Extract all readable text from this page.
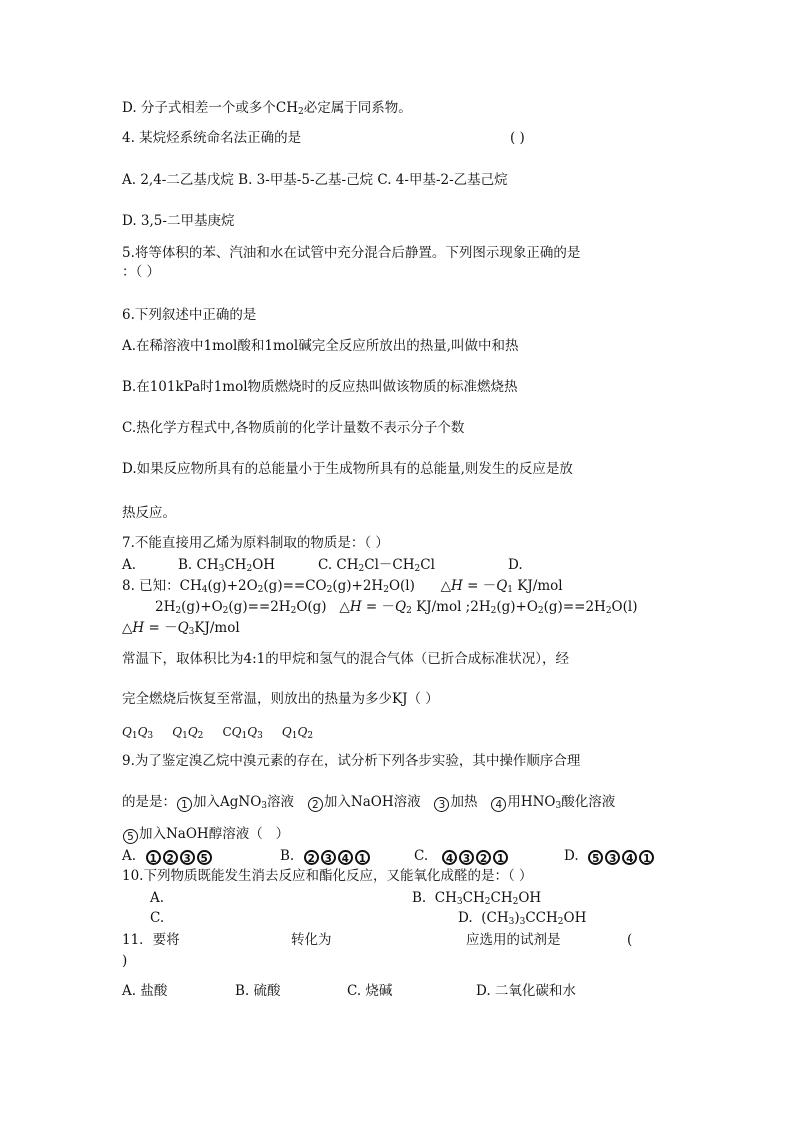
D. 分子式相差一个或多个$CH_2$必定属于同系物。
4. 某烷烃系统命名法正确的是	( )
A. 2,4-二乙基戊烷 B. 3-甲基-5-乙基-己烷 C. 4-甲基-2-乙基己烷
D. 3,5-二甲基庚烷
5.将等体积的苯、汽油和水在试管中充分混合后静置。下列图示现象正确的是
：（ ）
6.下列叙述中正确的是
A.在稀溶液中1mol酸和1mol碱完全反应所放出的热量,叫做中和热
B.在101kPa时1mol物质燃烧时的反应热叫做该物质的标准燃烧热
C.热化学方程式中,各物质前的化学计量数不表示分子个数
D.如果反应物所具有的总能量小于生成物所具有的总能量,则发生的反应是放
热反应。
7.不能直接用乙烯为原料制取的物质是：（ ）
A.	B. $CH_3CH_2OH$	C. $CH_2Cl-CH_2Cl$	D.
8. 已知：$CH_4(g)+2O_2(g)==CO_2(g)+2H_2O(l)$      △H = $-Q_1$ KJ/mol
$2H_2(g)+O_2(g)==2H_2O(g)$   △H = $-Q_2$ KJ/mol $;2H_2(g)+O_2(g)==2H_2O(l)$
△H = $-Q_3KJ$/mol
常温下，取体积比为4:1的甲烷和氢气的混合气体（已折合成标准状况），经
完全燃烧后恢复至常温，则放出的热量为多少KJ（ ）
$Q_1Q_3$ $Q_1Q_2$     $CQ_1Q_3$ $Q_1Q_2$
9.为了鉴定溴乙烷中溴元素的存在，试分析下列各步实验，其中操作顺序合理
的是是： 1 加入AgNO$_3$溶液   2 加入NaOH溶液   3 加热   4 用$HNO_3$酸化溶液
5 加入NaOH醇溶液（   ）
A.  1 2 3 5	B.  2 3 4 1	C.   4 3 2 1	D.  5 3 4 1
10.下列物质既能发生消去反应和酯化反应，又能氧化成醛的是：（ ）
A.	B.  $CH_3CH_2CH_2OH$
C.	D.  $(CH_3)_3CCH_2OH$
11．要将	转化为	应选用的试剂是	(
)
A. 盐酸	B. 硫酸	C. 烧碱	D. 二氧化碳和水
